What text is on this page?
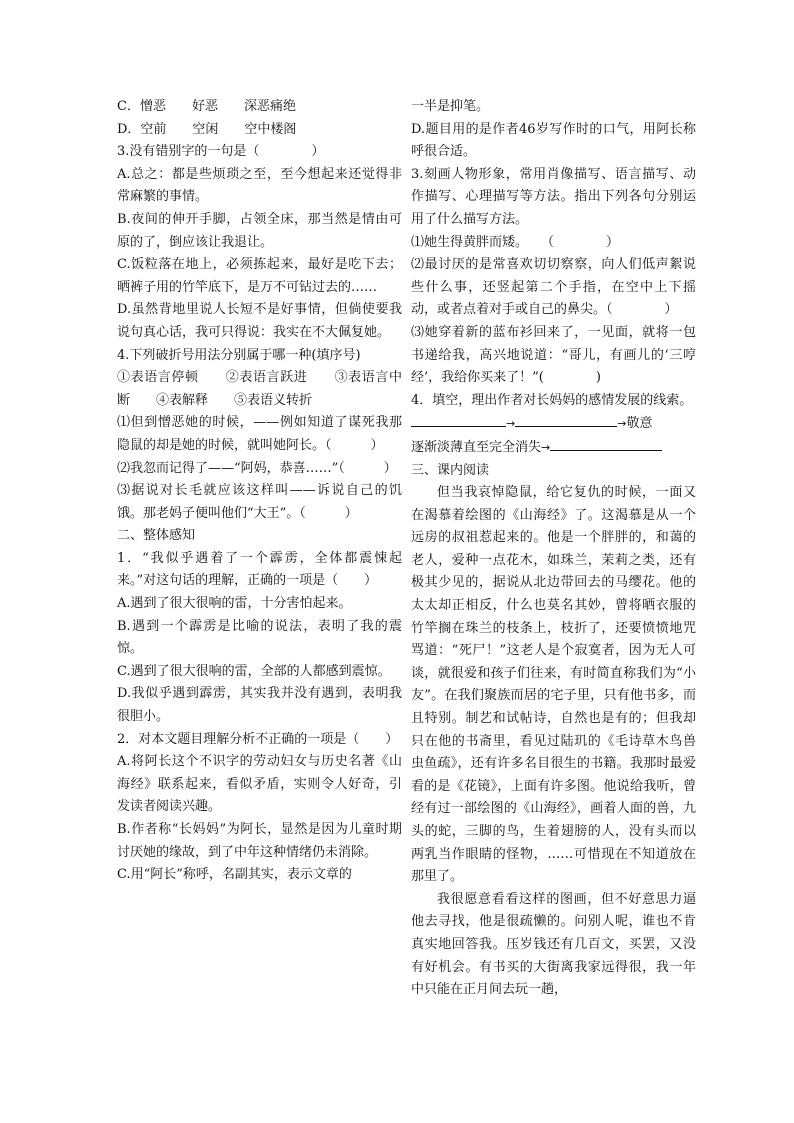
C．憎恶　　好恶　　深恶痛绝

D．空前　　空闲　　空中楼阁

3.没有错别字的一句是（　　　　）

A.总之：都是些烦琐之至，至今想起来还觉得非常麻繁的事情。

B.夜间的伸开手脚，占领全床，那当然是情由可原的了，倒应该让我退让。

C.饭粒落在地上，必须拣起来，最好是吃下去；晒裤子用的竹竿底下，是万不可钻过去的……

D.虽然背地里说人长短不是好事情，但倘使要我说句真心话，我可只得说：我实在不大佩复她。

4.下列破折号用法分别属于哪一种(填序号)

①表语言停顿　　②表语言跃进　　③表语言中断　　④表解释　　⑤表语义转折

⑴但到憎恶她的时候，——例如知道了谋死我那隐鼠的却是她的时候，就叫她阿长。（　　　）

⑵我忽而记得了——“阿妈，恭喜……”（　　　）

⑶据说对长毛就应该这样叫——诉说自己的饥饿。那老妈子便叫他们“大王”。（　　　）

二、整体感知

1．“我似乎遇着了一个霹雳，全体都震悚起来。”对这句话的理解，正确的一项是（　　）

A.遇到了很大很响的雷，十分害怕起来。

B.遇到一个霹雳是比喻的说法，表明了我的震惊。

C.遇到了很大很响的雷，全部的人都感到震惊。

D.我似乎遇到霹雳，其实我并没有遇到，表明我很胆小。

2．对本文题目理解分析不正确的一项是（　　）

A.将阿长这个不识字的劳动妇女与历史名著《山海经》联系起来，看似矛盾，实则令人好奇，引发读者阅读兴趣。

B.作者称“长妈妈”为阿长，显然是因为儿童时期讨厌她的缘故，到了中年这种情绪仍未消除。

C.用“阿长”称呼，名副其实，表示文章的

一半是抑笔。

D.题目用的是作者46岁写作时的口气，用阿长称呼很合适。

3.刻画人物形象，常用肖像描写、语言描写、动作描写、心理描写等方法。指出下列各句分别运用了什么描写方法。

⑴她生得黄胖而矮。　　（　　　　）

⑵最讨厌的是常喜欢切切察察，向人们低声絮说些什么事，还竖起第二个手指，在空中上下摇动，或者点着对手或自己的鼻尖。（　　　　）

⑶她穿着新的蓝布衫回来了，一见面，就将一包书递给我，高兴地说道：“哥儿，有画儿的‘三哼经’，我给你买来了！”(　　　　)

4．填空，理出作者对长妈妈的感情发展的线索。

→	→敬意

逐渐淡薄直至完全消失→

三、课内阅读

但当我哀悼隐鼠，给它复仇的时候，一面又在渴慕着绘图的《山海经》了。这渴慕是从一个远房的叔祖惹起来的。他是一个胖胖的，和蔼的老人，爱种一点花木，如珠兰，茉莉之类，还有极其少见的，据说从北边带回去的马缨花。他的太太却正相反，什么也莫名其妙，曾将晒衣服的竹竿搁在珠兰的枝条上，枝折了，还要愤愤地咒骂道：“死尸！”这老人是个寂寞者，因为无人可谈，就很爱和孩子们往来，有时简直称我们为“小友”。在我们聚族而居的宅子里，只有他书多，而且特别。制艺和试帖诗，自然也是有的；但我却只在他的书斋里，看见过陆玑的《毛诗草木鸟兽虫鱼疏》，还有许多名目很生的书籍。我那时最爱看的是《花镜》，上面有许多图。他说给我听，曾经有过一部绘图的《山海经》，画着人面的兽，九头的蛇，三脚的鸟，生着翅膀的人，没有头而以两乳当作眼睛的怪物，……可惜现在不知道放在那里了。

我很愿意看看这样的图画，但不好意思力逼他去寻找，他是很疏懒的。问别人呢，谁也不肯真实地回答我。压岁钱还有几百文，买罢，又没有好机会。有书买的大街离我家远得很，我一年中只能在正月间去玩一趟，
